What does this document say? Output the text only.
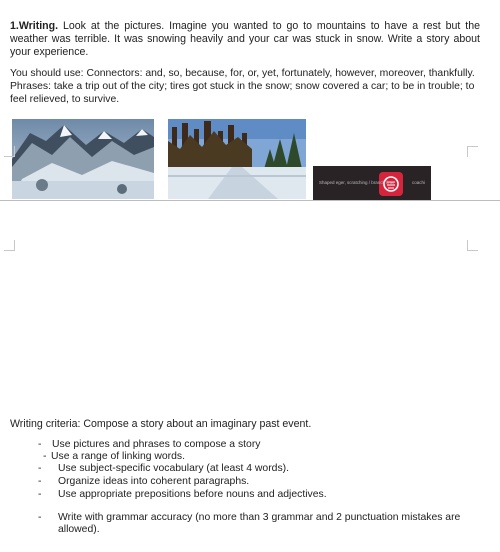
1.Writing. Look at the pictures. Imagine you wanted to go to mountains to have a rest but the weather was terrible. It was snowing heavily and your car was stuck in snow. Write a story about your experience.
You should use: Connectors: and, so, because, for, or, yet, fortunately, however, moreover, thankfully. Phrases: take a trip out of the city; tires got stuck in the snow; snow covered a car; to be in trouble; to feel relieved, to survive.
Shaped eger, scratching / branch liner	coachi
Writing criteria: Compose a story about an imaginary past event.
- Use pictures and phrases to compose a story
- Use a range of linking words.
- Use subject-specific vocabulary (at least 4 words).
- Organize ideas into coherent paragraphs.
- Use appropriate prepositions before nouns and adjectives.
- Write with grammar accuracy (no more than 3 grammar and 2 punctuation mistakes are allowed).
